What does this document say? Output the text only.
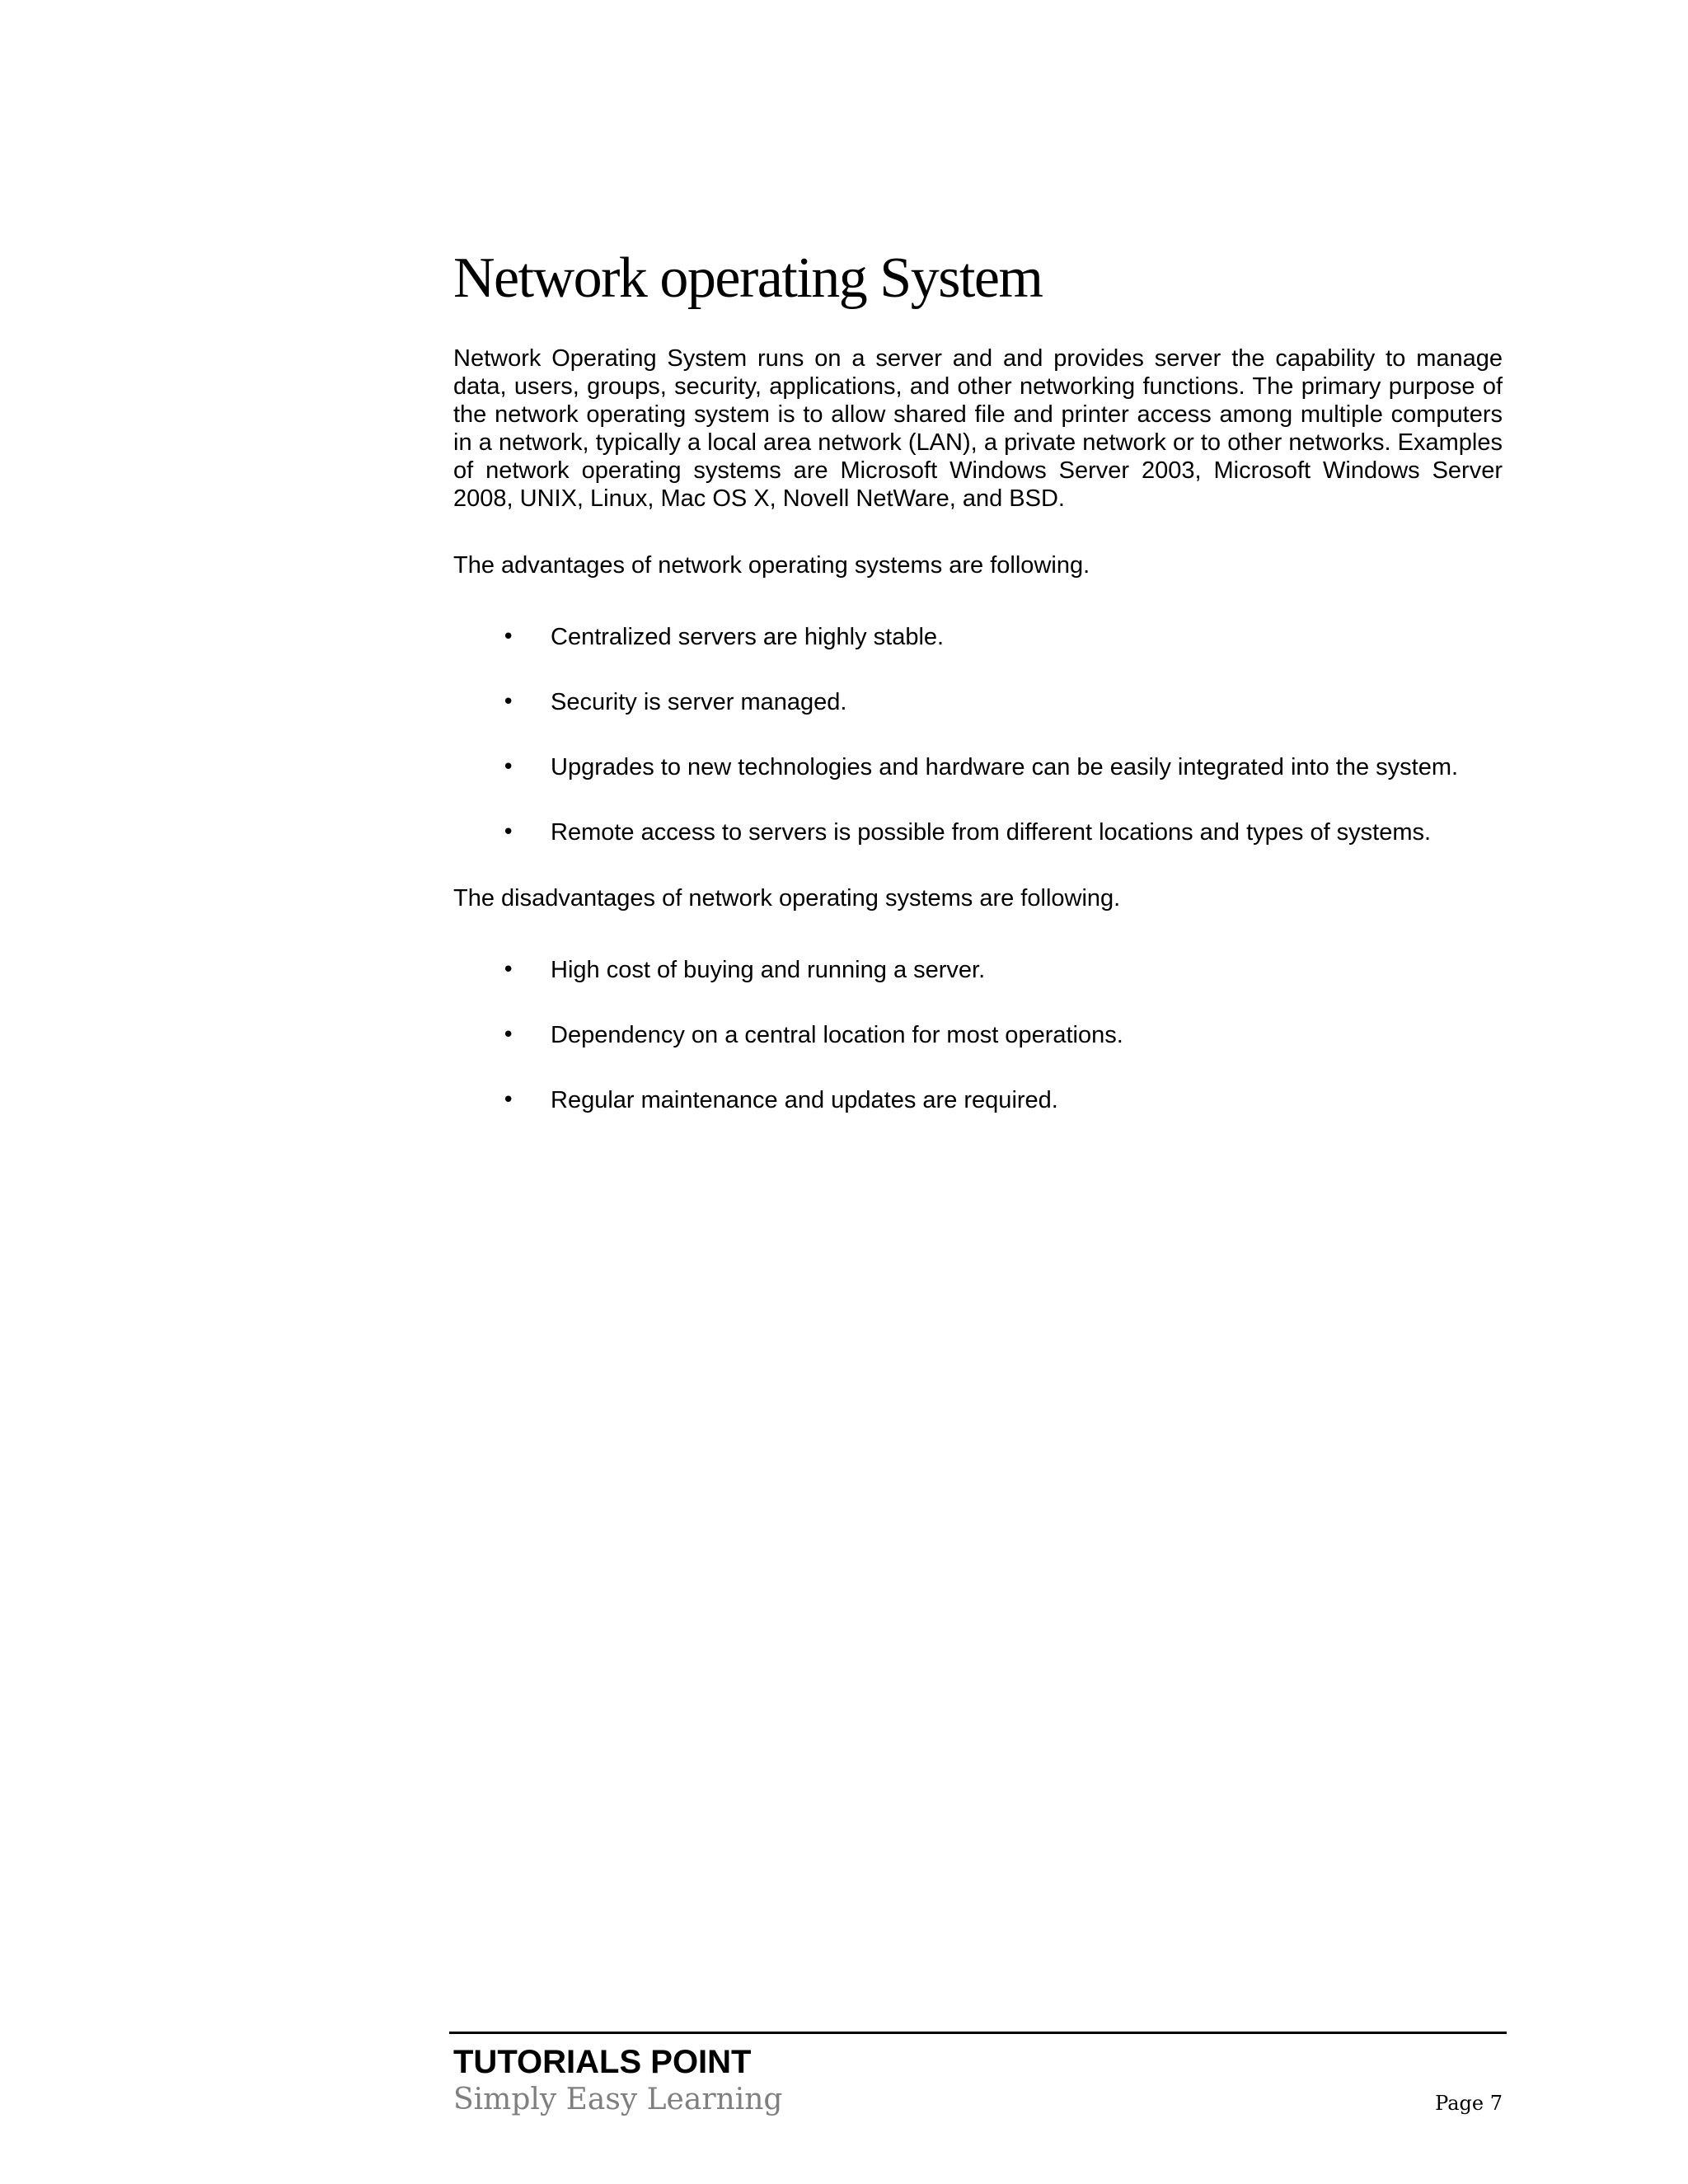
Network operating System

Network Operating System runs on a server and and provides server the capability to manage data, users, groups, security, applications, and other networking functions. The primary purpose of the network operating system is to allow shared file and printer access among multiple computers in a network, typically a local area network (LAN), a private network or to other networks. Examples of network operating systems are Microsoft Windows Server 2003, Microsoft Windows Server 2008, UNIX, Linux, Mac OS X, Novell NetWare, and BSD.

The advantages of network operating systems are following.

• Centralized servers are highly stable.
• Security is server managed.
• Upgrades to new technologies and hardware can be easily integrated into the system.
• Remote access to servers is possible from different locations and types of systems.

The disadvantages of network operating systems are following.

• High cost of buying and running a server.
• Dependency on a central location for most operations.
• Regular maintenance and updates are required.
TUTORIALS POINT
Simply Easy Learning	Page 7
